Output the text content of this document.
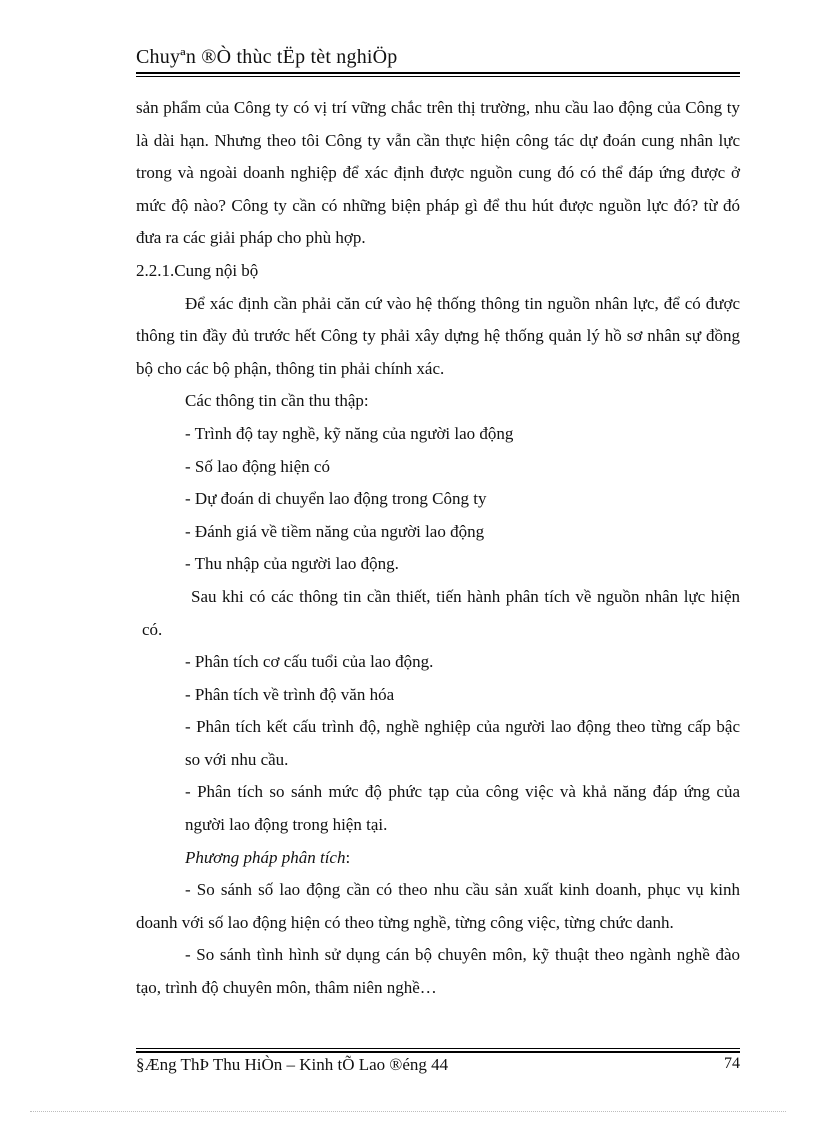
Chuyªn ®Ò thùc tËp tèt nghiÖp

sản phẩm của Công ty có vị trí vững chắc trên thị trường, nhu cầu lao động của Công ty là dài hạn. Nhưng theo tôi Công ty vẫn cần thực hiện công tác dự đoán cung nhân lực trong và ngoài doanh nghiệp để xác định được nguồn cung đó có thể đáp ứng được ở mức độ nào? Công ty cần có những biện pháp gì để thu hút được nguồn lực đó? từ đó đưa ra các giải pháp cho phù hợp.

2.2.1.Cung nội bộ

Để xác định cần phải căn cứ vào hệ thống thông tin nguồn nhân lực, để có được thông tin đầy đủ trước hết Công ty phải xây dựng hệ thống quản lý hồ sơ nhân sự đồng bộ cho các bộ phận, thông tin phải chính xác.

Các thông tin cần thu thập:

- Trình độ tay nghề, kỹ năng của người lao động

- Số lao động hiện có

- Dự đoán di chuyển lao động trong Công ty

- Đánh giá về tiềm năng của người lao động

- Thu nhập của người lao động.

Sau khi có các thông tin cần thiết, tiến hành phân tích về nguồn nhân lực hiện có.

- Phân tích cơ cấu tuổi của lao động.

- Phân tích về trình độ văn hóa

- Phân tích kết cấu trình độ, nghề nghiệp của người lao động theo từng cấp bậc so với nhu cầu.

- Phân tích so sánh mức độ phức tạp của công việc và khả năng đáp ứng của người lao động trong hiện tại.

Phương pháp phân tích:

- So sánh số lao động cần có theo nhu cầu sản xuất kinh doanh, phục vụ kinh doanh với số lao động hiện có theo từng nghề, từng công việc, từng chức danh.

- So sánh tình hình sử dụng cán bộ chuyên môn, kỹ thuật theo ngành nghề đào tạo, trình độ chuyên môn, thâm niên nghề…

§Æng ThÞ Thu HiÒn – Kinh tÕ Lao ®éng 44	74
